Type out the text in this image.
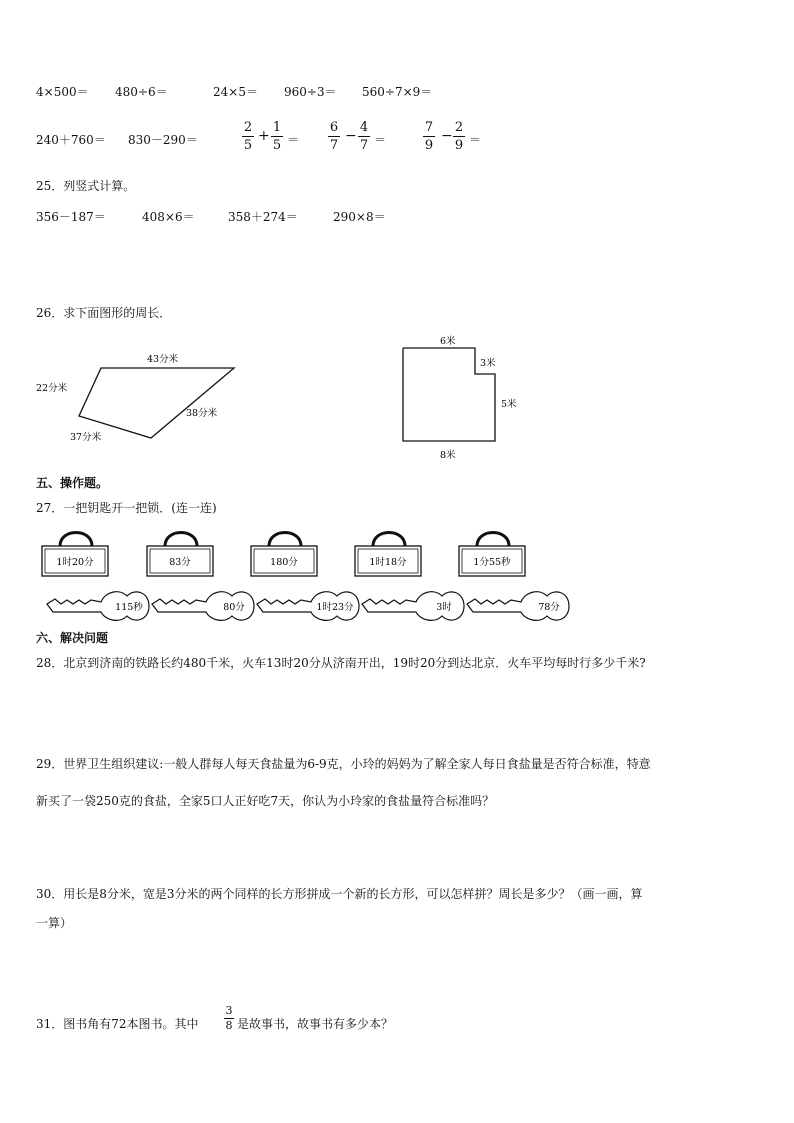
4×500＝ 480÷6＝	24×5＝ 960÷3＝ 560÷7×9＝
240＋760＝ 830－290＝	$\frac{2}{5} + \frac{1}{5} = \frac{6}{7} - \frac{4}{7}$ ＝	$\frac{7}{9} - \frac{2}{9}$ ＝
25．列竖式计算。
356－187＝	408×6＝	358＋274＝	290×8＝
26．求下面图形的周长．
43分米
22分米
38分米
37分米
6米
3米
5米
8米
1时20分	83分	180分	1时18分	1分55秒
115秒	80分	1时23分	3时	78分
五、操作题。
27．一把钥匙开一把锁．(连一连)
六、解决问题
28．北京到济南的铁路长约480千米，火车13时20分从济南开出，19时20分到达北京．火车平均每时行多少千米?
29．世界卫生组织建议:一般人群每人每天食盐量为6-9克，小玲的妈妈为了解全家人每日食盐量是否符合标准，特意
新买了一袋250克的食盐，全家5口人正好吃7天，你认为小玲家的食盐量符合标准吗？
30．用长是8分米，宽是3分米的两个同样的长方形拼成一个新的长方形，可以怎样拼？周长是多少？（画一画，算
一算）
31．图书角有72本图书。其中 $\frac{3}{8}$ 是故事书，故事书有多少本？
